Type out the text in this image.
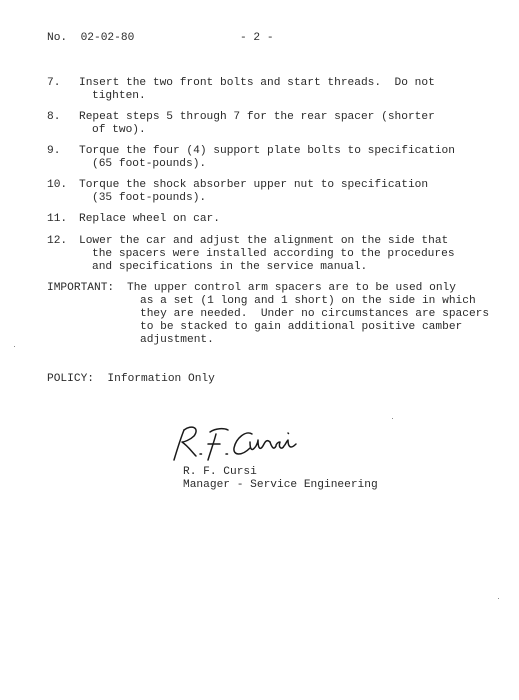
No.  02-02-80	- 2 -
7. Insert the two front bolts and start threads.  Do not
tighten.
8. Repeat steps 5 through 7 for the rear spacer (shorter
of two).
9. Torque the four (4) support plate bolts to specification
(65 foot-pounds).
10. Torque the shock absorber upper nut to specification
(35 foot-pounds).
11. Replace wheel on car.
12. Lower the car and adjust the alignment on the side that
the spacers were installed according to the procedures
and specifications in the service manual.
IMPORTANT: The upper control arm spacers are to be used only
as a set (1 long and 1 short) on the side in which
they are needed.  Under no circumstances are spacers
to be stacked to gain additional positive camber
adjustment.
POLICY:  Information Only
R. F. Cursi
Manager - Service Engineering
